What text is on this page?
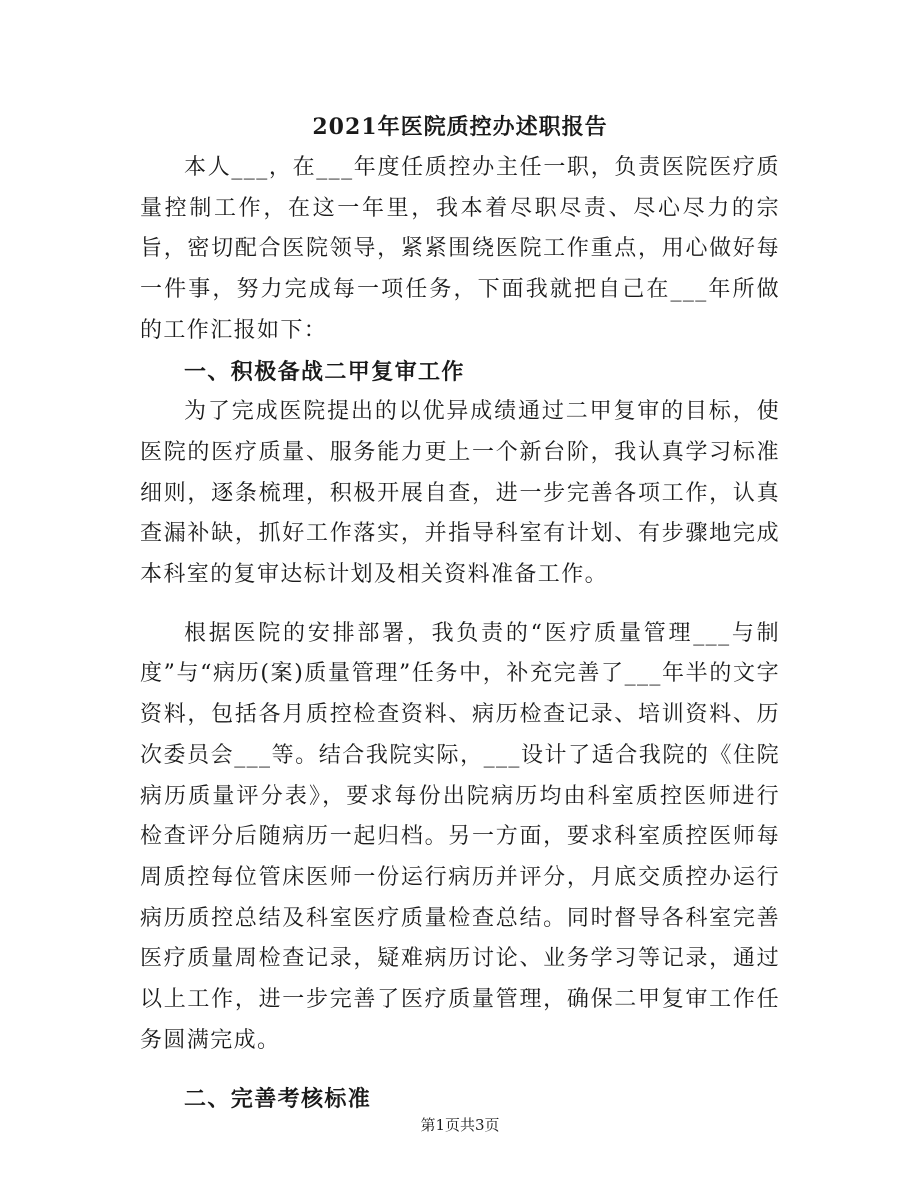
2021年医院质控办述职报告

本人___，在___年度任质控办主任一职，负责医院医疗质量控制工作，在这一年里，我本着尽职尽责、尽心尽力的宗旨，密切配合医院领导，紧紧围绕医院工作重点，用心做好每一件事，努力完成每一项任务，下面我就把自己在___年所做的工作汇报如下：

一、积极备战二甲复审工作

为了完成医院提出的以优异成绩通过二甲复审的目标，使医院的医疗质量、服务能力更上一个新台阶，我认真学习标准细则，逐条梳理，积极开展自查，进一步完善各项工作，认真查漏补缺，抓好工作落实，并指导科室有计划、有步骤地完成本科室的复审达标计划及相关资料准备工作。

根据医院的安排部署，我负责的“医疗质量管理___与制度”与“病历(案)质量管理”任务中，补充完善了___年半的文字资料，包括各月质控检查资料、病历检查记录、培训资料、历次委员会___等。结合我院实际，___设计了适合我院的《住院病历质量评分表》，要求每份出院病历均由科室质控医师进行检查评分后随病历一起归档。另一方面，要求科室质控医师每周质控每位管床医师一份运行病历并评分，月底交质控办运行病历质控总结及科室医疗质量检查总结。同时督导各科室完善医疗质量周检查记录，疑难病历讨论、业务学习等记录，通过以上工作，进一步完善了医疗质量管理，确保二甲复审工作任务圆满完成。

二、完善考核标准

第1页共3页
